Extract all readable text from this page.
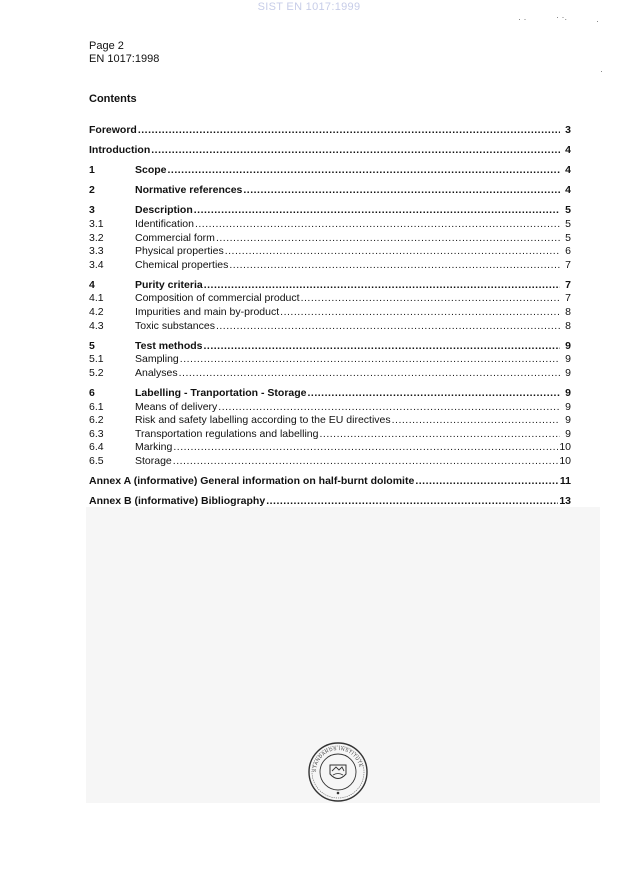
SIST EN 1017:1999
· ·	· ·.	·
·
Page 2
EN 1017:1998
Contents
Foreword .....	3
Introduction .....	4
1	Scope .....	4
2	Normative references .....	4
3	Description .....	5
3.1	Identification .....	5
3.2	Commercial form .....	5
3.3	Physical properties .....	6
3.4	Chemical properties .....	7
4	Purity criteria .....	7
4.1	Composition of commercial product .....	7
4.2	Impurities and main by-product .....	8
4.3	Toxic substances .....	8
5	Test methods .....	9
5.1	Sampling .....	9
5.2	Analyses .....	9
6	Labelling - Tranportation - Storage .....	9
6.1	Means of delivery .....	9
6.2	Risk and safety labelling according to the EU directives .....	9
6.3	Transportation regulations and labelling .....	9
6.4	Marking .....	10
6.5	Storage .....	10
Annex A (informative) General information on half-burnt dolomite .....	11
Annex B (informative) Bibliography .....	13
STANDARDS INSTITUTE
